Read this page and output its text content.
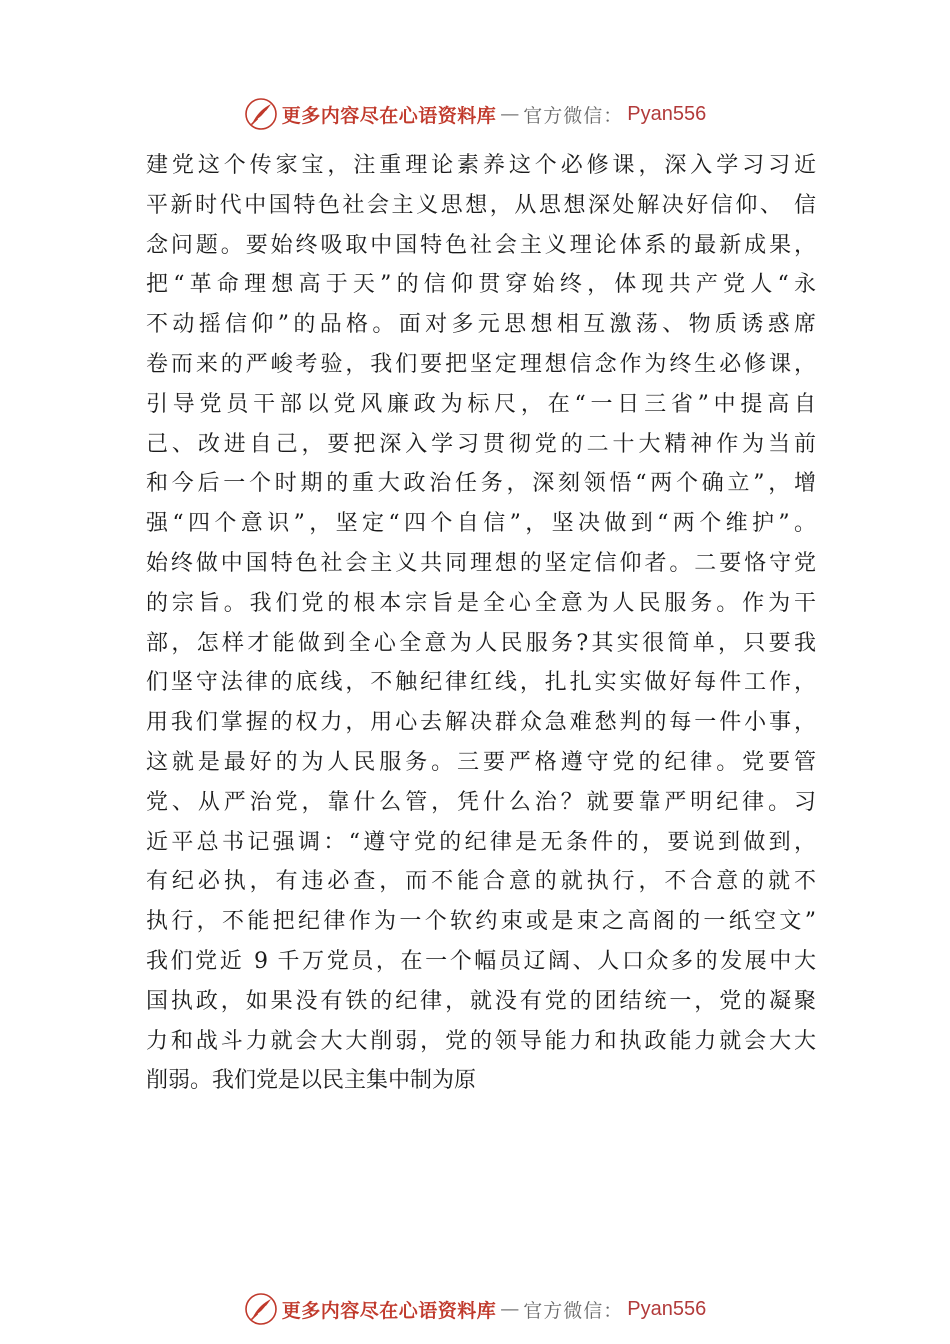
更多内容尽在心语资料库 — 官方微信： Pyan556
建党这个传家宝，注重理论素养这个必修课，深入学习习近
平新时代中国特色社会主义思想，从思想深处解决好信仰、 信
念问题。要始终吸取中国特色社会主义理论体系的最新成果，
把“革命理想高于天”的信仰贯穿始终，体现共产党人“永
不动摇信仰”的品格。面对多元思想相互激荡、物质诱惑席
卷而来的严峻考验，我们要把坚定理想信念作为终生必修课，
引导党员干部以党风廉政为标尺，在“一日三省”中提高自
己、改进自己，要把深入学习贯彻党的二十大精神作为当前
和今后一个时期的重大政治任务，深刻领悟“两个确立”，增
强“四个意识”，坚定“四个自信”，坚决做到“两个维护”。
始终做中国特色社会主义共同理想的坚定信仰者。二要恪守党
的宗旨。我们党的根本宗旨是全心全意为人民服务。作为干
部，怎样才能做到全心全意为人民服务?其实很简单，只要我
们坚守法律的底线，不触纪律红线，扎扎实实做好每件工作，
用我们掌握的权力，用心去解决群众急难愁判的每一件小事，
这就是最好的为人民服务。三要严格遵守党的纪律。党要管
党、从严治党，靠什么管，凭什么治？就要靠严明纪律。习
近平总书记强调：“遵守党的纪律是无条件的，要说到做到，
有纪必执，有违必查，而不能合意的就执行，不合意的就不
执行，不能把纪律作为一个软约束或是束之高阁的一纸空文”
我们党近 9 千万党员，在一个幅员辽阔、人口众多的发展中大
国执政，如果没有铁的纪律，就没有党的团结统一，党的凝聚
力和战斗力就会大大削弱，党的领导能力和执政能力就会大大
削弱。我们党是以民主集中制为原
更多内容尽在心语资料库 — 官方微信： Pyan556
